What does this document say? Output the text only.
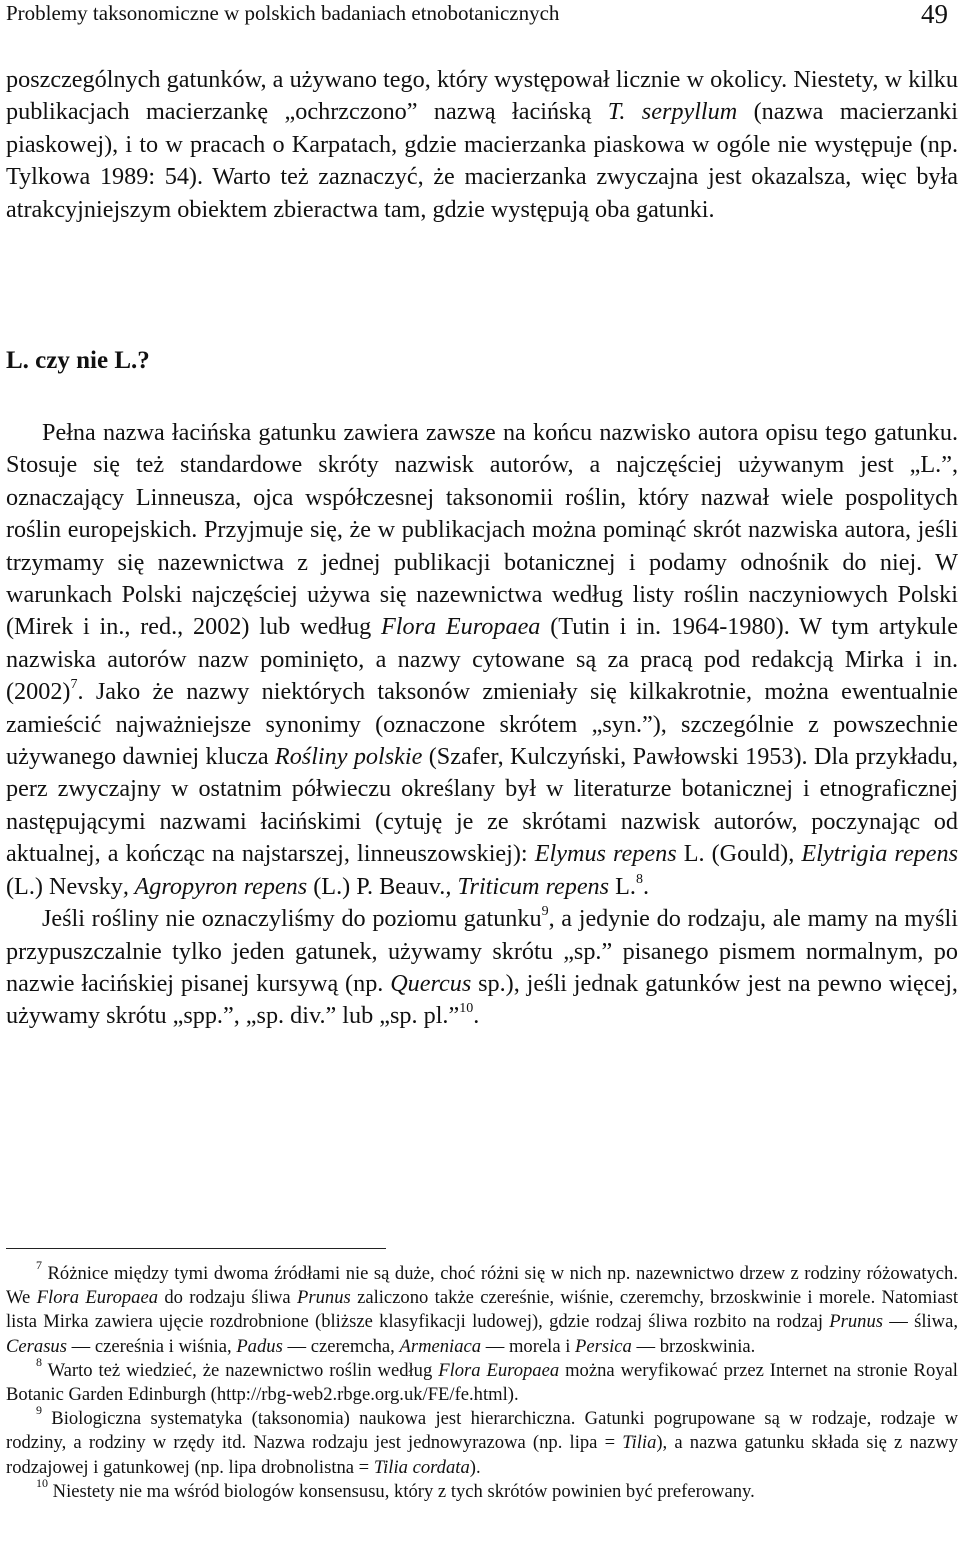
Problemy taksonomiczne w polskich badaniach etnobotanicznych	49

poszczególnych gatunków, a używano tego, który występował licznie w okolicy. Niestety, w kilku publikacjach macierzankę „ochrzczono” nazwą łacińską T. serpyllum (nazwa macierzanki piaskowej), i to w pracach o Karpatach, gdzie macierzanka piaskowa w ogóle nie występuje (np. Tylkowa 1989: 54). Warto też zaznaczyć, że macierzanka zwyczajna jest okazalsza, więc była atrakcyjniejszym obiektem zbieractwa tam, gdzie występują oba gatunki.

L. czy nie L.?

Pełna nazwa łacińska gatunku zawiera zawsze na końcu nazwisko autora opisu tego gatunku. Stosuje się też standardowe skróty nazwisk autorów, a najczęściej używanym jest „L.”, oznaczający Linneusza, ojca współczesnej taksonomii roślin, który nazwał wiele pospolitych roślin europejskich. Przyjmuje się, że w publikacjach można pominąć skrót nazwiska autora, jeśli trzymamy się nazewnictwa z jednej publikacji botanicznej i podamy odnośnik do niej. W warunkach Polski najczęściej używa się nazewnictwa według listy roślin naczyniowych Polski (Mirek i in., red., 2002) lub według Flora Europaea (Tutin i in. 1964-1980). W tym artykule nazwiska autorów nazw pominięto, a nazwy cytowane są za pracą pod redakcją Mirka i in. $(2002)^7$. Jako że nazwy niektórych taksonów zmieniały się kilkakrotnie, można ewentualnie zamieścić najważniejsze synonimy (oznaczone skrótem „syn.”), szczególnie z powszechnie używanego dawniej klucza Rośliny polskie (Szafer, Kulczyński, Pawłowski 1953). Dla przykładu, perz zwyczajny w ostatnim półwieczu określany był w literaturze botanicznej i etnograficznej następującymi nazwami łacińskimi (cytuję je ze skrótami nazwisk autorów, poczynając od aktualnej, a kończąc na najstarszej, linneuszowskiej): Elymus repens L. (Gould), Elytrigia repens (L.) Nevsky, Agropyron repens (L.) P. Beauv., Triticum repens L.$^8$.

Jeśli rośliny nie oznaczyliśmy do poziomu gatunku$^9$, a jedynie do rodzaju, ale mamy na myśli przypuszczalnie tylko jeden gatunek, używamy skrótu „sp.” pisanego pismem normalnym, po nazwie łacińskiej pisanej kursywą (np. Quercus sp.), jeśli jednak gatunków jest na pewno więcej, używamy skrótu „spp.”, „sp. div.” lub „sp. pl.”$^{10}$.

$^7$ Różnice między tymi dwoma źródłami nie są duże, choć różni się w nich np. nazewnictwo drzew z rodziny różowatych. We Flora Europaea do rodzaju śliwa Prunus zaliczono także czereśnie, wiśnie, czeremchy, brzoskwinie i morele. Natomiast lista Mirka zawiera ujęcie rozdrobnione (bliższe klasyfikacji ludowej), gdzie rodzaj śliwa rozbito na rodzaj Prunus — śliwa, Cerasus — czereśnia i wiśnia, Padus — czeremcha, Armeniaca — morela i Persica — brzoskwinia.

$^8$ Warto też wiedzieć, że nazewnictwo roślin według Flora Europaea można weryfikować przez Internet na stronie Royal Botanic Garden Edinburgh (http://rbg-web2.rbge.org.uk/FE/fe.html).

$^9$ Biologiczna systematyka (taksonomia) naukowa jest hierarchiczna. Gatunki pogrupowane są w rodzaje, rodzaje w rodziny, a rodziny w rzędy itd. Nazwa rodzaju jest jednowyrazowa (np. lipa = Tilia), a nazwa gatunku składa się z nazwy rodzajowej i gatunkowej (np. lipa drobnolistna = Tilia cordata).

$^{10}$ Niestety nie ma wśród biologów konsensusu, który z tych skrótów powinien być preferowany.
